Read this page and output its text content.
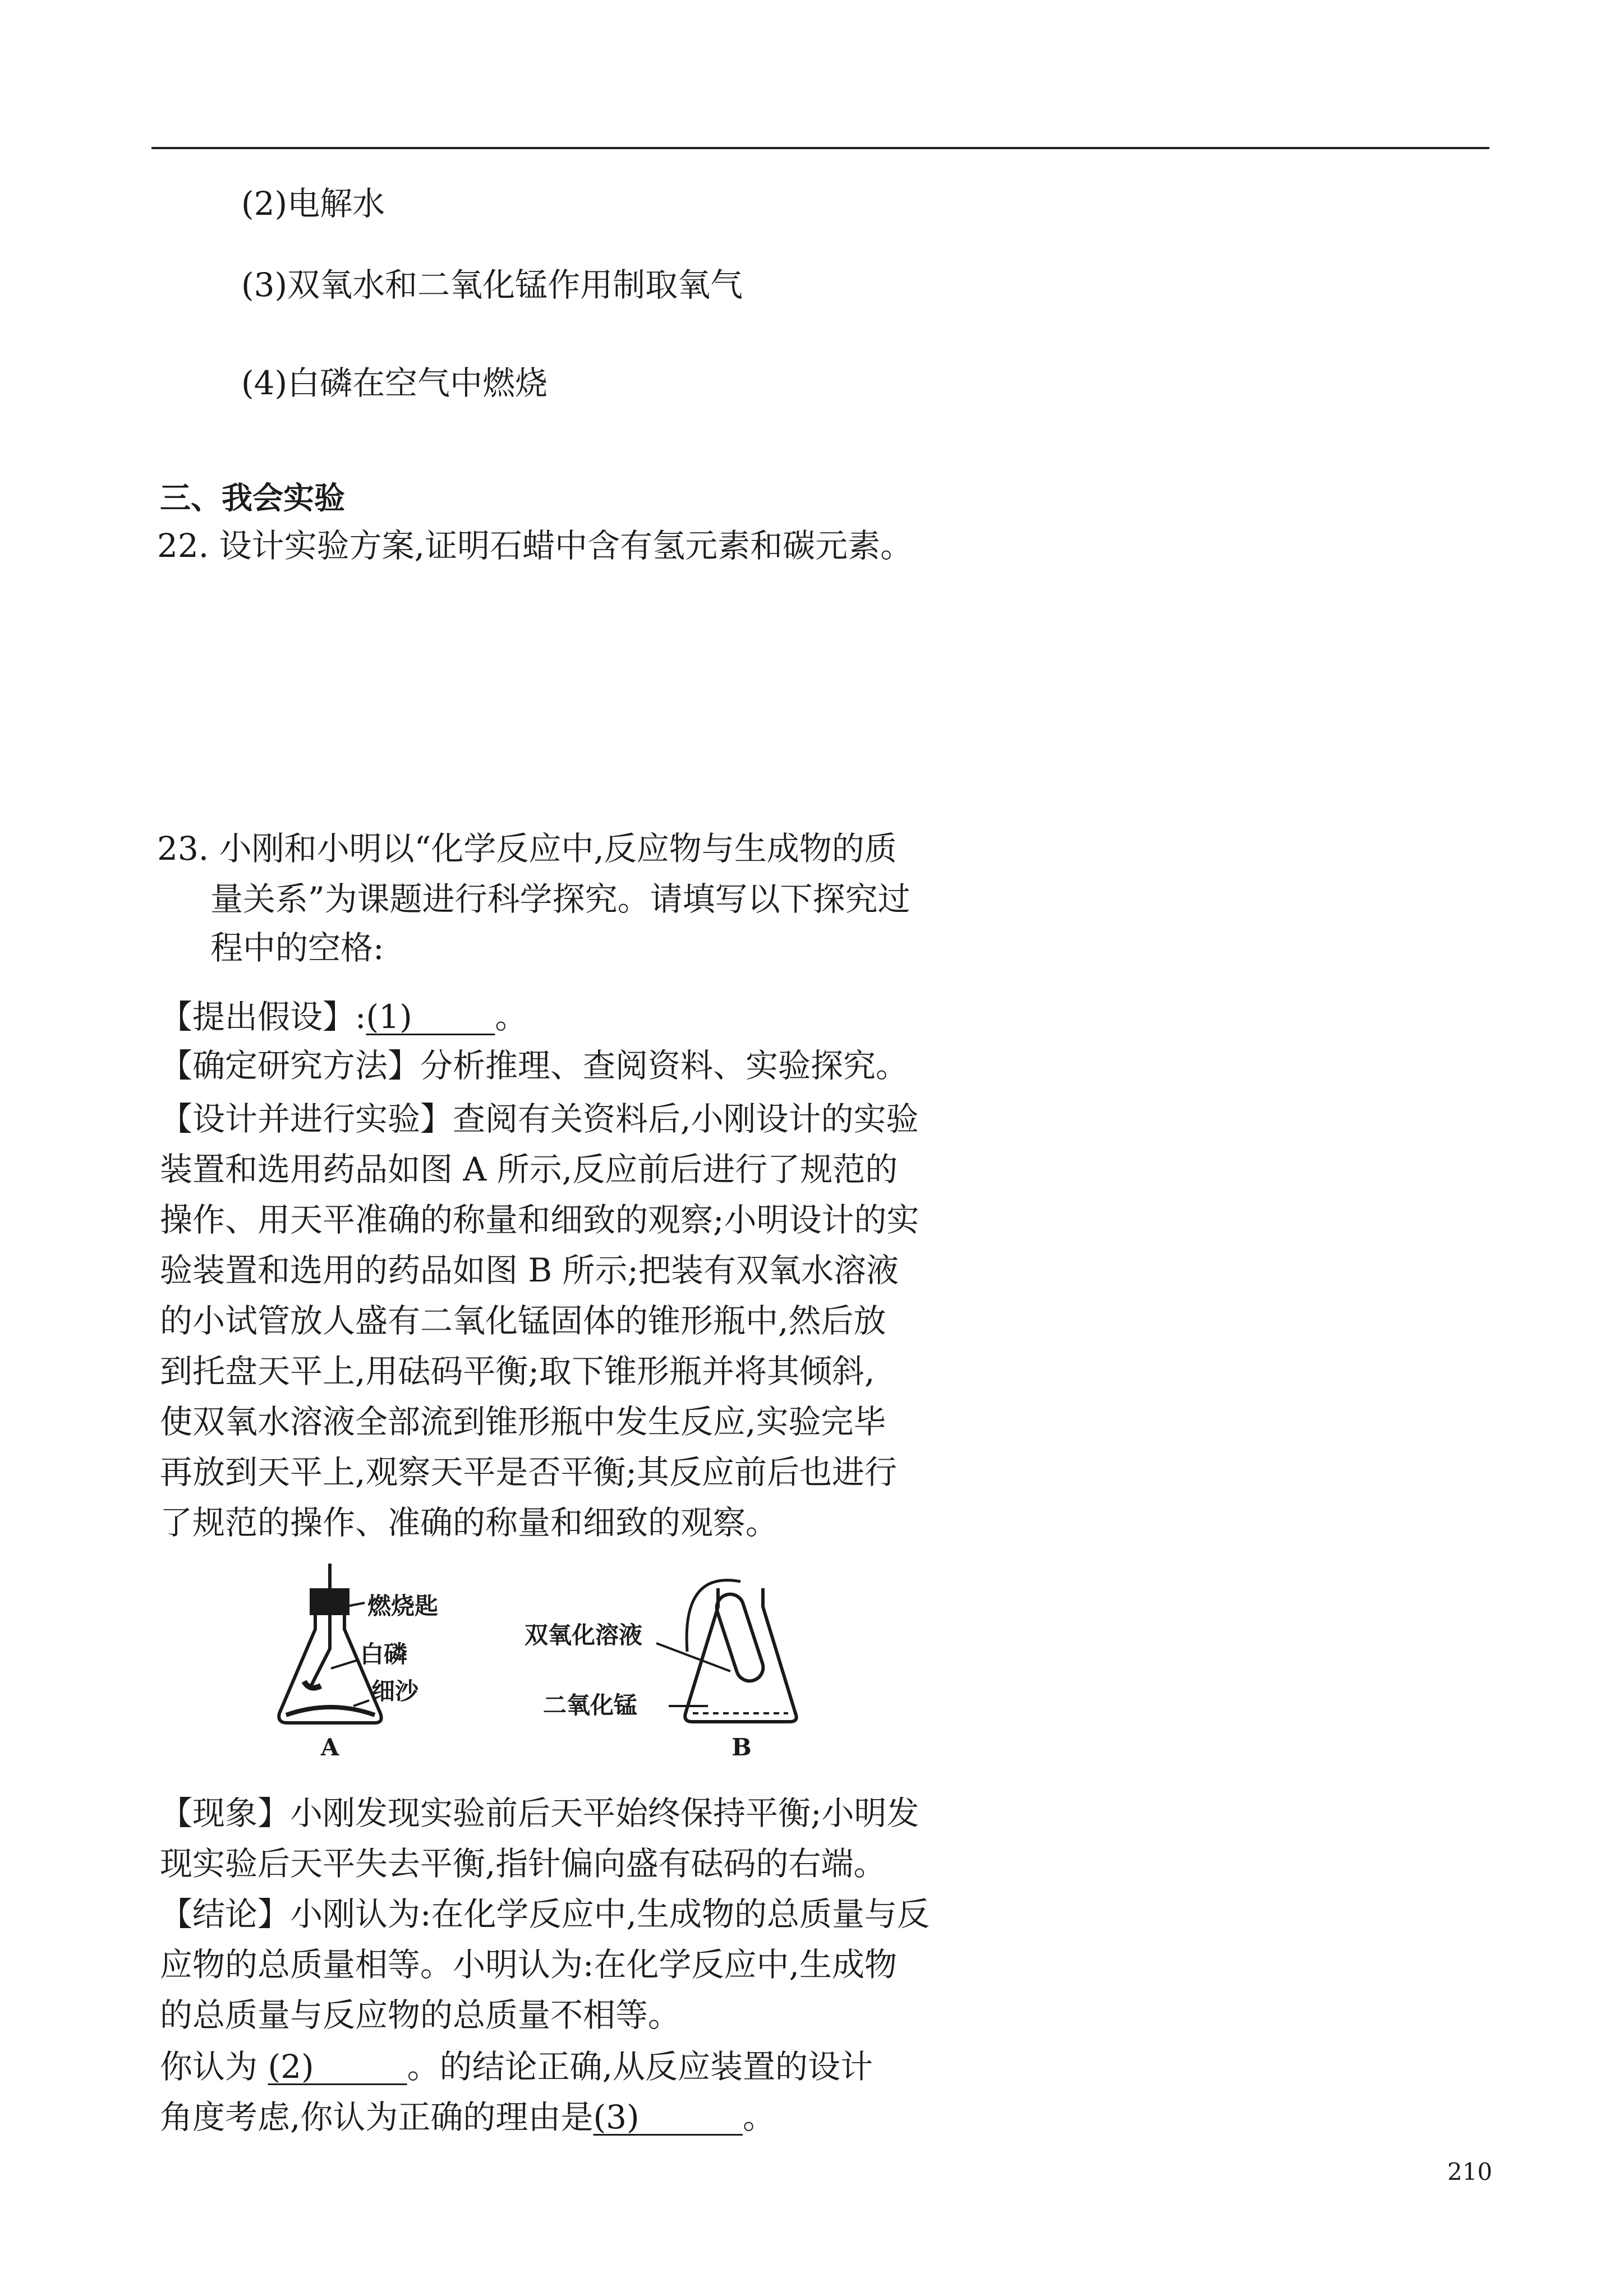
(2)电解水
(3)双氧水和二氧化锰作用制取氧气
(4)白磷在空气中燃烧
三、我会实验
22. 设计实验方案,证明石蜡中含有氢元素和碳元素。
23. 小刚和小明以“化学反应中,反应物与生成物的质
量关系”为课题进行科学探究。请填写以下探究过
程中的空格:
【提出假设】:(1)	。
【确定研究方法】分析推理、查阅资料、实验探究。
【设计并进行实验】查阅有关资料后,小刚设计的实验
装置和选用药品如图 A 所示,反应前后进行了规范的
操作、用天平准确的称量和细致的观察;小明设计的实
验装置和选用的药品如图 B 所示;把装有双氧水溶液
的小试管放人盛有二氧化锰固体的锥形瓶中,然后放
到托盘天平上,用砝码平衡;取下锥形瓶并将其倾斜,
使双氧水溶液全部流到锥形瓶中发生反应,实验完毕
再放到天平上,观察天平是否平衡;其反应前后也进行
了规范的操作、准确的称量和细致的观察。
燃烧匙
白磷
细沙
A
双氧化溶液
二氧化锰
B
【现象】小刚发现实验前后天平始终保持平衡;小明发
现实验后天平失去平衡,指针偏向盛有砝码的右端。
【结论】小刚认为:在化学反应中,生成物的总质量与反
应物的总质量相等。小明认为:在化学反应中,生成物
的总质量与反应物的总质量不相等。
你认为 (2)	。的结论正确,从反应装置的设计
角度考虑,你认为正确的理由是(3)	。
210
